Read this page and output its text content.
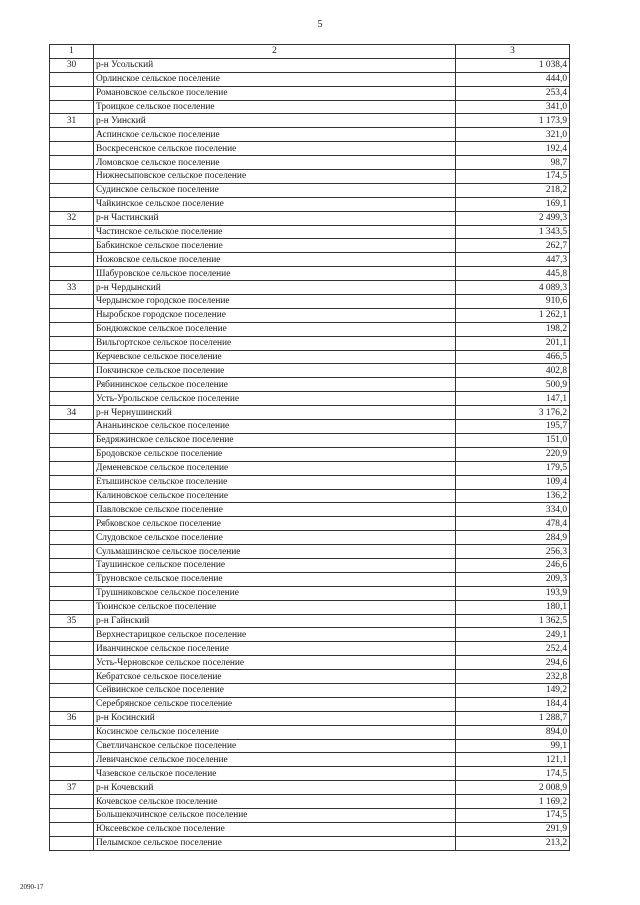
5
1	2	3
30	р-н Усольский	1 038,4
	Орлинское сельское поселение	444,0
	Романовское сельское поселение	253,4
	Троицкое сельское поселение	341,0
31	р-н Уинский	1 173,9
	Аспинское сельское поселение	321,0
	Воскресенское сельское поселение	192,4
	Ломовское сельское поселение	98,7
	Нижнесыповское сельское поселение	174,5
	Судинское сельское поселение	218,2
	Чайкинское сельское поселение	169,1
32	р-н Частинский	2 499,3
	Частинское сельское поселение	1 343,5
	Бабкинское сельское поселение	262,7
	Ножовское сельское поселение	447,3
	Шабуровское сельское поселение	445,8
33	р-н Чердынский	4 089,3
	Чердынское городское поселение	910,6
	Ныробское городское поселение	1 262,1
	Бондюжское сельское поселение	198,2
	Вильгортское сельское поселение	201,1
	Керчевское сельское поселение	466,5
	Покчинское сельское поселение	402,8
	Рябининское сельское поселение	500,9
	Усть-Урольское сельское поселение	147,1
34	р-н Чернушинский	3 176,2
	Ананьинское сельское поселение	195,7
	Бедряжинское сельское поселение	151,0
	Бродовское сельское поселение	220,9
	Деменевское сельское поселение	179,5
	Етышинское сельское поселение	109,4
	Калиновское сельское поселение	136,2
	Павловское сельское поселение	334,0
	Рябковское сельское поселение	478,4
	Слудовское сельское поселение	284,9
	Сульмашинское сельское поселение	256,3
	Таушинское сельское поселение	246,6
	Труновское сельское поселение	209,3
	Трушниковское сельское поселение	193,9
	Тюинское сельское поселение	180,1
35	р-н Гайнский	1 362,5
	Верхнестарицкое сельское поселение	249,1
	Иванчинское сельское поселение	252,4
	Усть-Черновское сельское поселение	294,6
	Кебратское сельское поселение	232,8
	Сейвинское сельское поселение	149,2
	Серебрянское сельское поселение	184,4
36	р-н Косинский	1 288,7
	Косинское сельское поселение	894,0
	Светличанское сельское поселение	99,1
	Левичанское сельское поселение	121,1
	Чазевское сельское поселение	174,5
37	р-н Кочевский	2 008,9
	Кочевское сельское поселение	1 169,2
	Большекочинское сельское поселение	174,5
	Юксеевское сельское поселение	291,9
	Пелымское сельское поселение	213,2
2090-17
